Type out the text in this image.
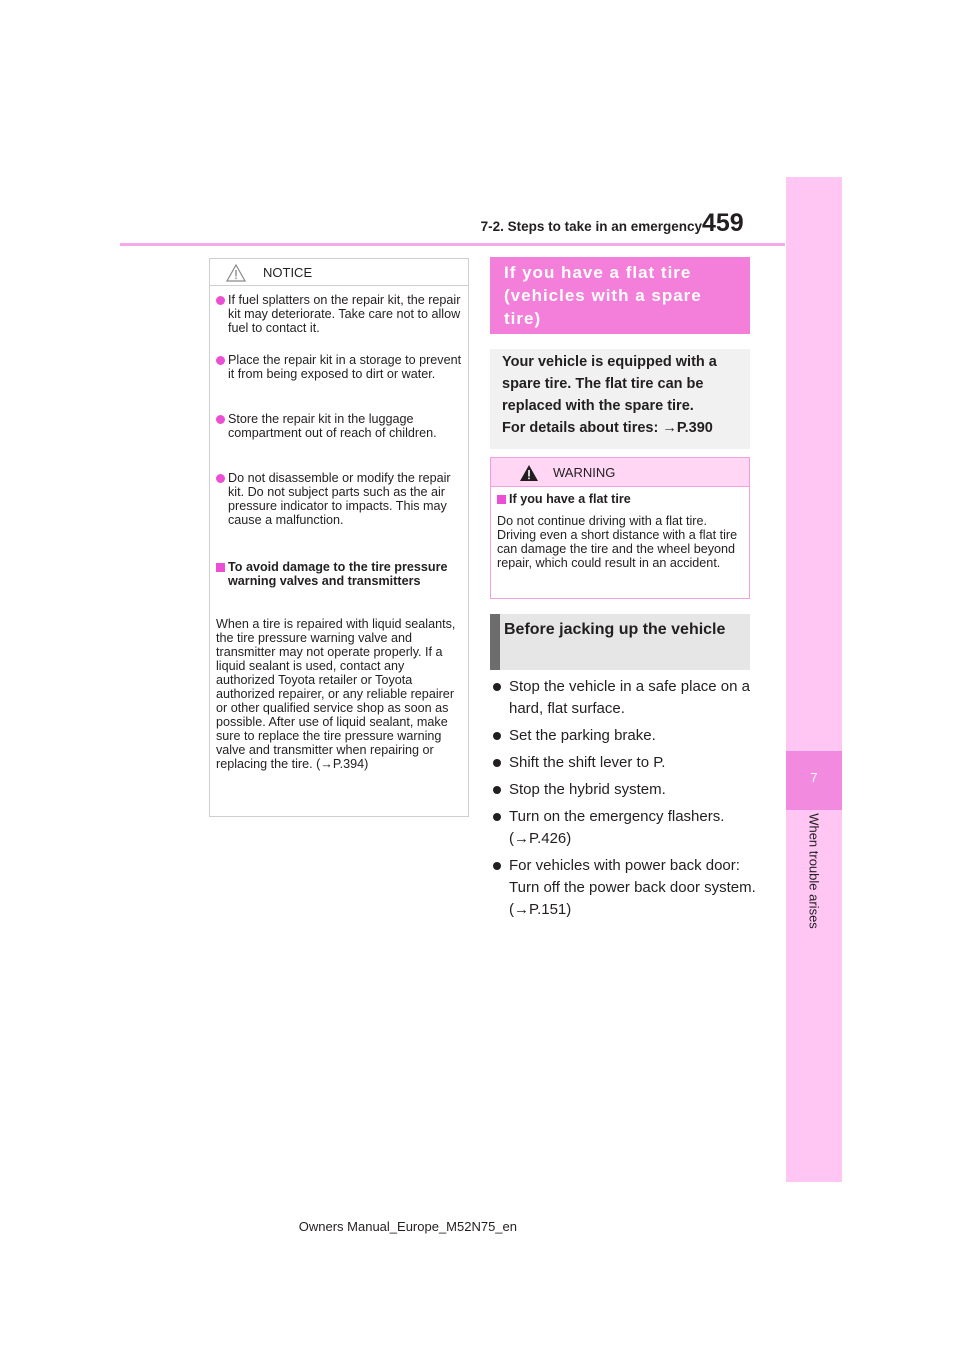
7-2. Steps to take in an emergency 459
7
When trouble arises
NOTICE
If fuel splatters on the repair kit, the repair kit may deteriorate. Take care not to allow fuel to contact it.
Place the repair kit in a storage to prevent it from being exposed to dirt or water.
Store the repair kit in the luggage compartment out of reach of children.
Do not disassemble or modify the repair kit. Do not subject parts such as the air pressure indicator to impacts. This may cause a malfunction.
To avoid damage to the tire pressure warning valves and transmitters
When a tire is repaired with liquid sealants, the tire pressure warning valve and transmitter may not operate properly. If a liquid sealant is used, contact any authorized Toyota retailer or Toyota authorized repairer, or any reliable repairer or other qualified service shop as soon as possible. After use of liquid sealant, make sure to replace the tire pressure warning valve and transmitter when repairing or replacing the tire. (→P.394)
If you have a flat tire (vehicles with a spare tire)
Your vehicle is equipped with a spare tire. The flat tire can be replaced with the spare tire.
For details about tires: →P.390
WARNING
If you have a flat tire
Do not continue driving with a flat tire. Driving even a short distance with a flat tire can damage the tire and the wheel beyond repair, which could result in an accident.
Before jacking up the vehicle
Stop the vehicle in a safe place on a hard, flat surface.
Set the parking brake.
Shift the shift lever to P.
Stop the hybrid system.
Turn on the emergency flashers. (→P.426)
For vehicles with power back door: Turn off the power back door system. (→P.151)
Owners Manual_Europe_M52N75_en
